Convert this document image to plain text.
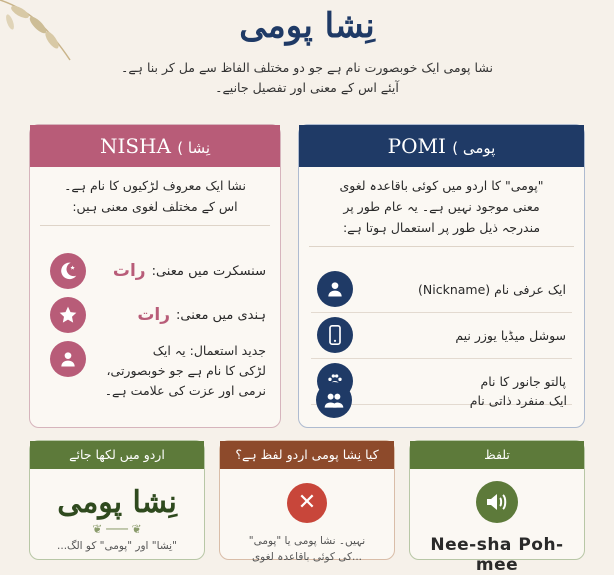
نِشا پومی
نشا پومی ایک خوبصورت نام ہے جو دو مختلف الفاظ سے مل کر بنا ہے۔
آیئے اس کے معنی اور تفصیل جانیے۔
NISHA ( نِشا
نشا ایک معروف لڑکیوں کا نام ہے۔
اس کے مختلف لغوی معنی ہیں:
سنسکرت میں معنی:
رات
ہندی میں معنی:
رات
جدید استعمال: یہ ایک
لڑکی کا نام ہے جو خوبصورتی،
نرمی اور عزت کی علامت ہے۔
POMI ( پومی
"پومی" کا اردو میں کوئی باقاعدہ لغوی
معنی موجود نہیں ہے۔ یہ عام طور پر
مندرجہ ذیل طور پر استعمال ہوتا ہے:
ایک عرفی نام (Nickname)
سوشل میڈیا یوزر نیم
پالتو جانور کا نام
ایک منفرد ذاتی نام
اردو میں لکھا جائے
نِشا پومی
❦ ─── ❦
"نِشا" اور "پومی" کو الگ...
کیا نِشا پومی اردو لفظ ہے؟
✕
نہیں۔ نشا پومی یا "پومی"
...کی کوئی باقاعدہ لغوی
تلفظ
Nee-sha Poh-mee
